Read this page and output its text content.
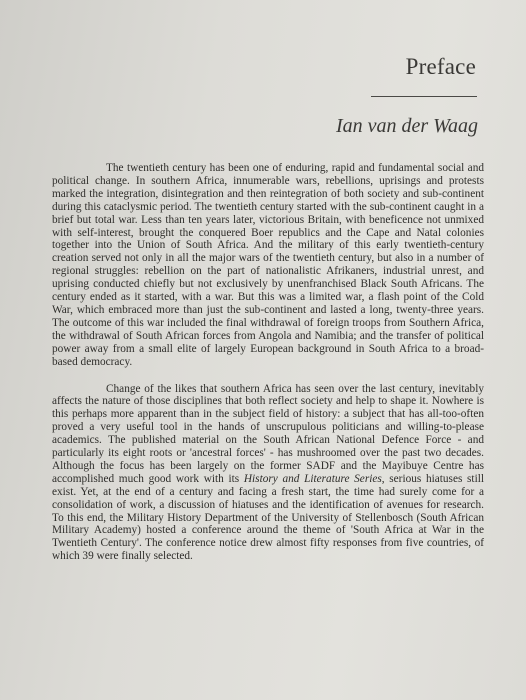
Preface
Ian van der Waag

The twentieth century has been one of enduring, rapid and fundamental social and political change. In southern Africa, innumerable wars, rebellions, uprisings and protests marked the integration, disintegration and then reintegration of both society and sub-continent during this cataclysmic period. The twentieth century started with the sub-continent caught in a brief but total war. Less than ten years later, victorious Britain, with beneficence not unmixed with self-interest, brought the conquered Boer republics and the Cape and Natal colonies together into the Union of South Africa. And the military of this early twentieth-century creation served not only in all the major wars of the twentieth century, but also in a number of regional struggles: rebellion on the part of nationalistic Afrikaners, industrial unrest, and uprising conducted chiefly but not exclusively by unenfranchised Black South Africans. The century ended as it started, with a war. But this was a limited war, a flash point of the Cold War, which embraced more than just the sub-continent and lasted a long, twenty-three years. The outcome of this war included the final withdrawal of foreign troops from Southern Africa, the withdrawal of South African forces from Angola and Namibia; and the transfer of political power away from a small elite of largely European background in South Africa to a broad-based democracy.

Change of the likes that southern Africa has seen over the last century, inevitably affects the nature of those disciplines that both reflect society and help to shape it. Nowhere is this perhaps more apparent than in the subject field of history: a subject that has all-too-often proved a very useful tool in the hands of unscrupulous politicians and willing-to-please academics. The published material on the South African National Defence Force - and particularly its eight roots or 'ancestral forces' - has mushroomed over the past two decades. Although the focus has been largely on the former SADF and the Mayibuye Centre has accomplished much good work with its History and Literature Series, serious hiatuses still exist. Yet, at the end of a century and facing a fresh start, the time had surely come for a consolidation of work, a discussion of hiatuses and the identification of avenues for research. To this end, the Military History Department of the University of Stellenbosch (South African Military Academy) hosted a conference around the theme of 'South Africa at War in the Twentieth Century'. The conference notice drew almost fifty responses from five countries, of which 39 were finally selected.
